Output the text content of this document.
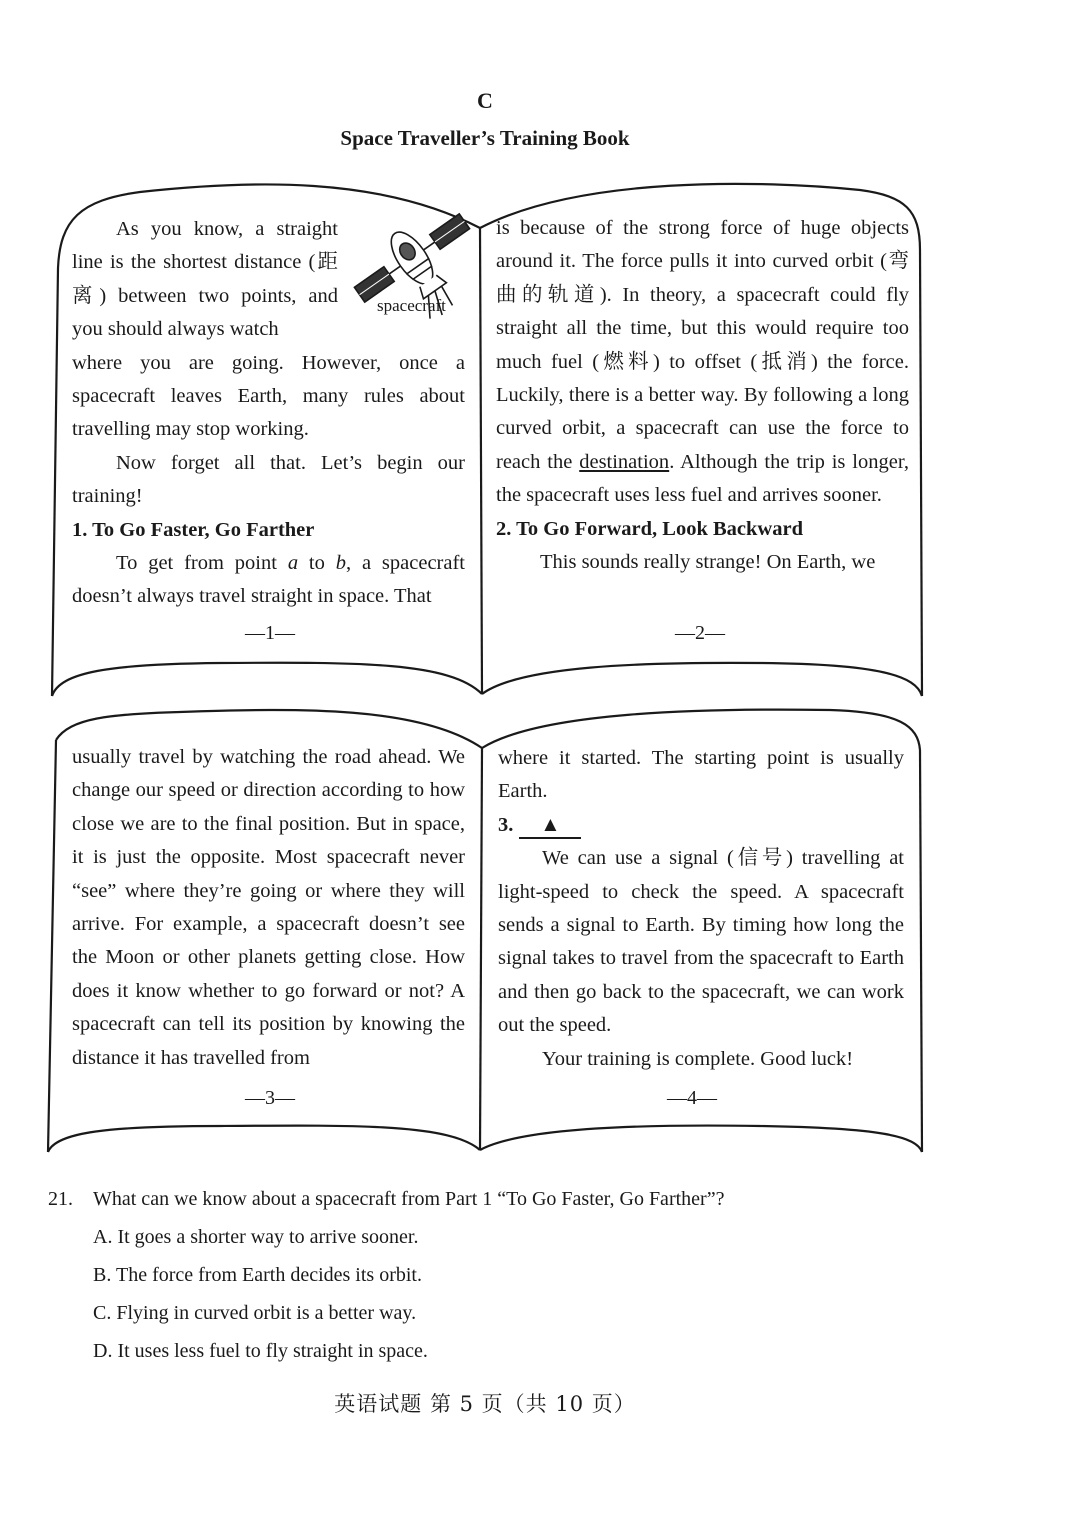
C
Space Traveller’s Training Book
spacecraft

As you know, a straight line is the shortest distance (距离) between two points, and you should always watch

where you are going. However, once a spacecraft leaves Earth, many rules about travelling may stop working.

Now forget all that. Let’s begin our training!

1. To Go Faster, Go Farther

To get from point a to b, a spacecraft doesn’t always travel straight in space. That

—1—

is because of the strong force of huge objects around it. The force pulls it into curved orbit (弯曲的轨道). In theory, a spacecraft could fly straight all the time, but this would require too much fuel (燃料) to offset (抵消) the force. Luckily, there is a better way. By following a long curved orbit, a spacecraft can use the force to reach the destination. Although the trip is longer, the spacecraft uses less fuel and arrives sooner.

2. To Go Forward, Look Backward

This sounds really strange! On Earth, we

—2—

usually travel by watching the road ahead. We change our speed or direction according to how close we are to the final position. But in space, it is just the opposite. Most spacecraft never “see” where they’re going or where they will arrive. For example, a spacecraft doesn’t see the Moon or other planets getting close. How does it know whether to go forward or not? A spacecraft can tell its position by knowing the distance it has travelled from

—3—

where it started. The starting point is usually Earth.

3. ▲

We can use a signal (信号) travelling at light-speed to check the speed. A spacecraft sends a signal to Earth. By timing how long the signal takes to travel from the spacecraft to Earth and then go back to the spacecraft, we can work out the speed.

Your training is complete. Good luck!

—4—
21. What can we know about a spacecraft from Part 1 “To Go Faster, Go Farther”?
A. It goes a shorter way to arrive sooner.
B. The force from Earth decides its orbit.
C. Flying in curved orbit is a better way.
D. It uses less fuel to fly straight in space.
英语试题 第 5 页（共 10 页）
